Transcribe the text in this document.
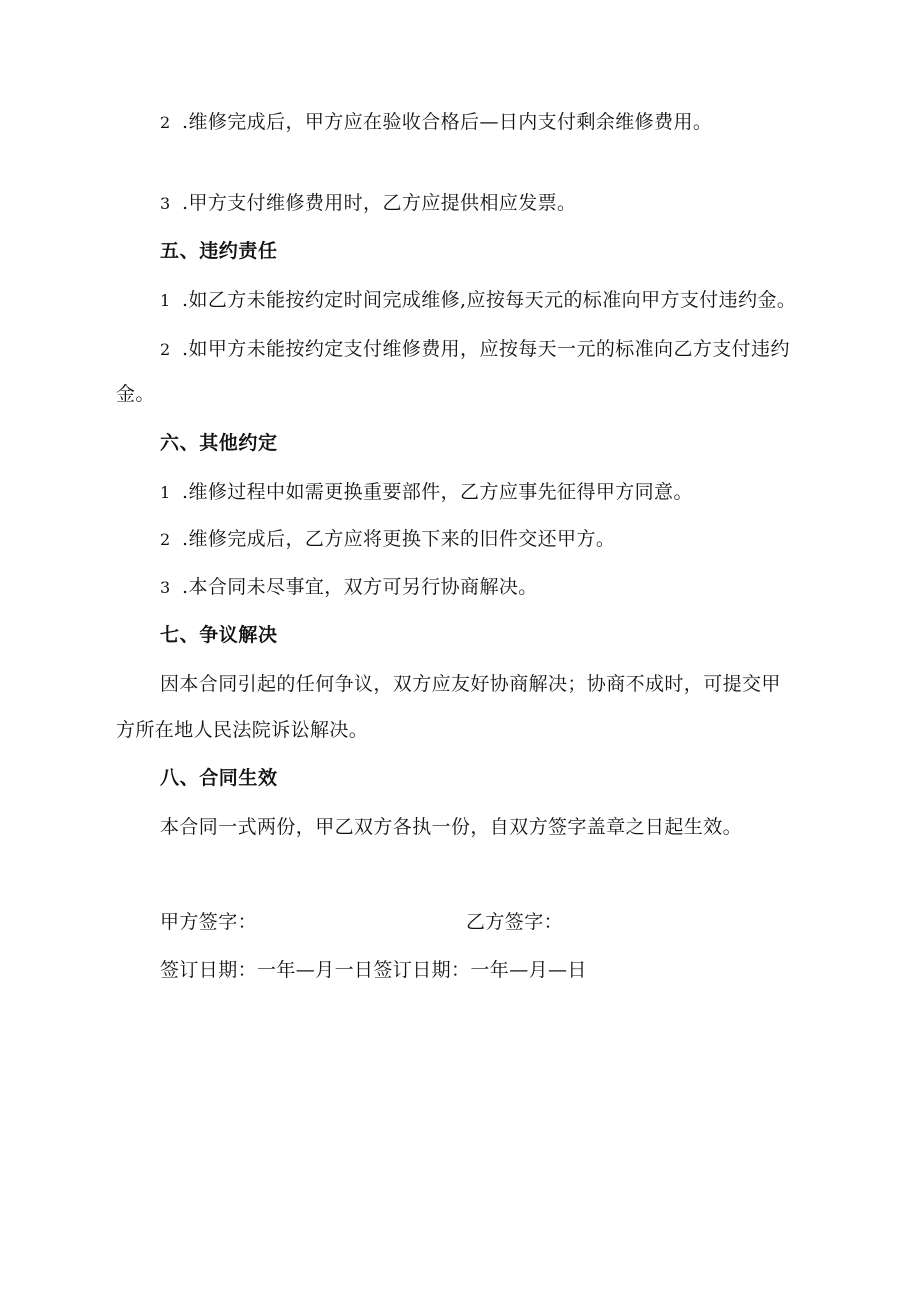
2 .维修完成后，甲方应在验收合格后—日内支付剩余维修费用。
3 .甲方支付维修费用时，乙方应提供相应发票。
五、违约责任
1 .如乙方未能按约定时间完成维修,应按每天元的标准向甲方支付违约金。
2 .如甲方未能按约定支付维修费用，应按每天一元的标准向乙方支付违约
金。
六、其他约定
1 .维修过程中如需更换重要部件，乙方应事先征得甲方同意。
2 .维修完成后，乙方应将更换下来的旧件交还甲方。
3 .本合同未尽事宜，双方可另行协商解决。
七、争议解决
因本合同引起的任何争议，双方应友好协商解决；协商不成时，可提交甲
方所在地人民法院诉讼解决。
八、合同生效
本合同一式两份，甲乙双方各执一份，自双方签字盖章之日起生效。
甲方签字：	乙方签字：
签订日期：一年—月一日签订日期：一年—月—日
